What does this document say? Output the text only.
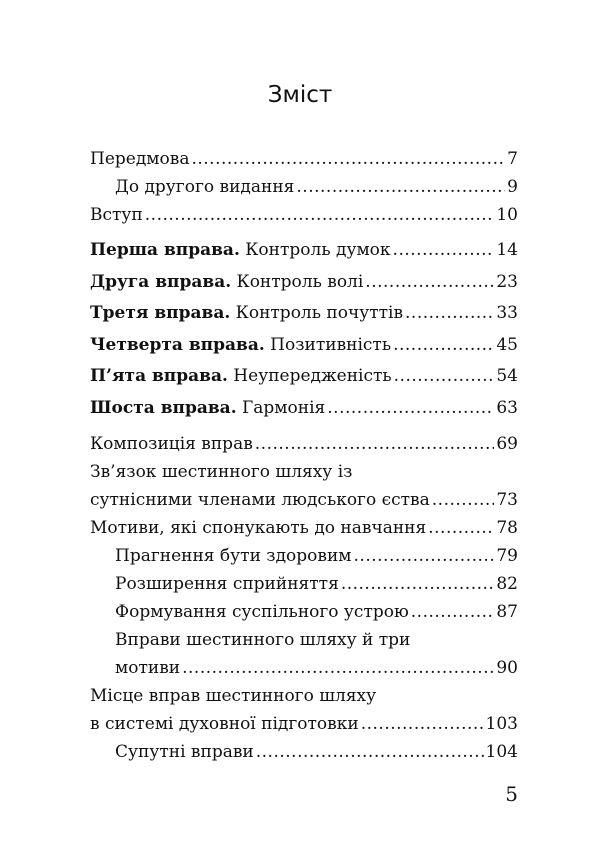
Зміст
Передмова .....	7
До другого видання .....	9
Вступ .....	10
Перша вправа. Контроль думок .....	14
Друга вправа. Контроль волі .....	23
Третя вправа. Контроль почуттів .....	33
Четверта вправа. Позитивність .....	45
П’ята вправа. Неупередженість .....	54
Шоста вправа. Гармонія .....	63
Композиція вправ .....	69
Зв’язок шестинного шляху із
сутнісними членами людського єства .....	73
Мотиви, які спонукають до навчання .....	78
Прагнення бути здоровим .....	79
Розширення сприйняття .....	82
Формування суспільного устрою .....	87
Вправи шестинного шляху й три
мотиви .....	90
Місце вправ шестинного шляху
в системі духовної підготовки .....	103
Супутні вправи .....	104
5
